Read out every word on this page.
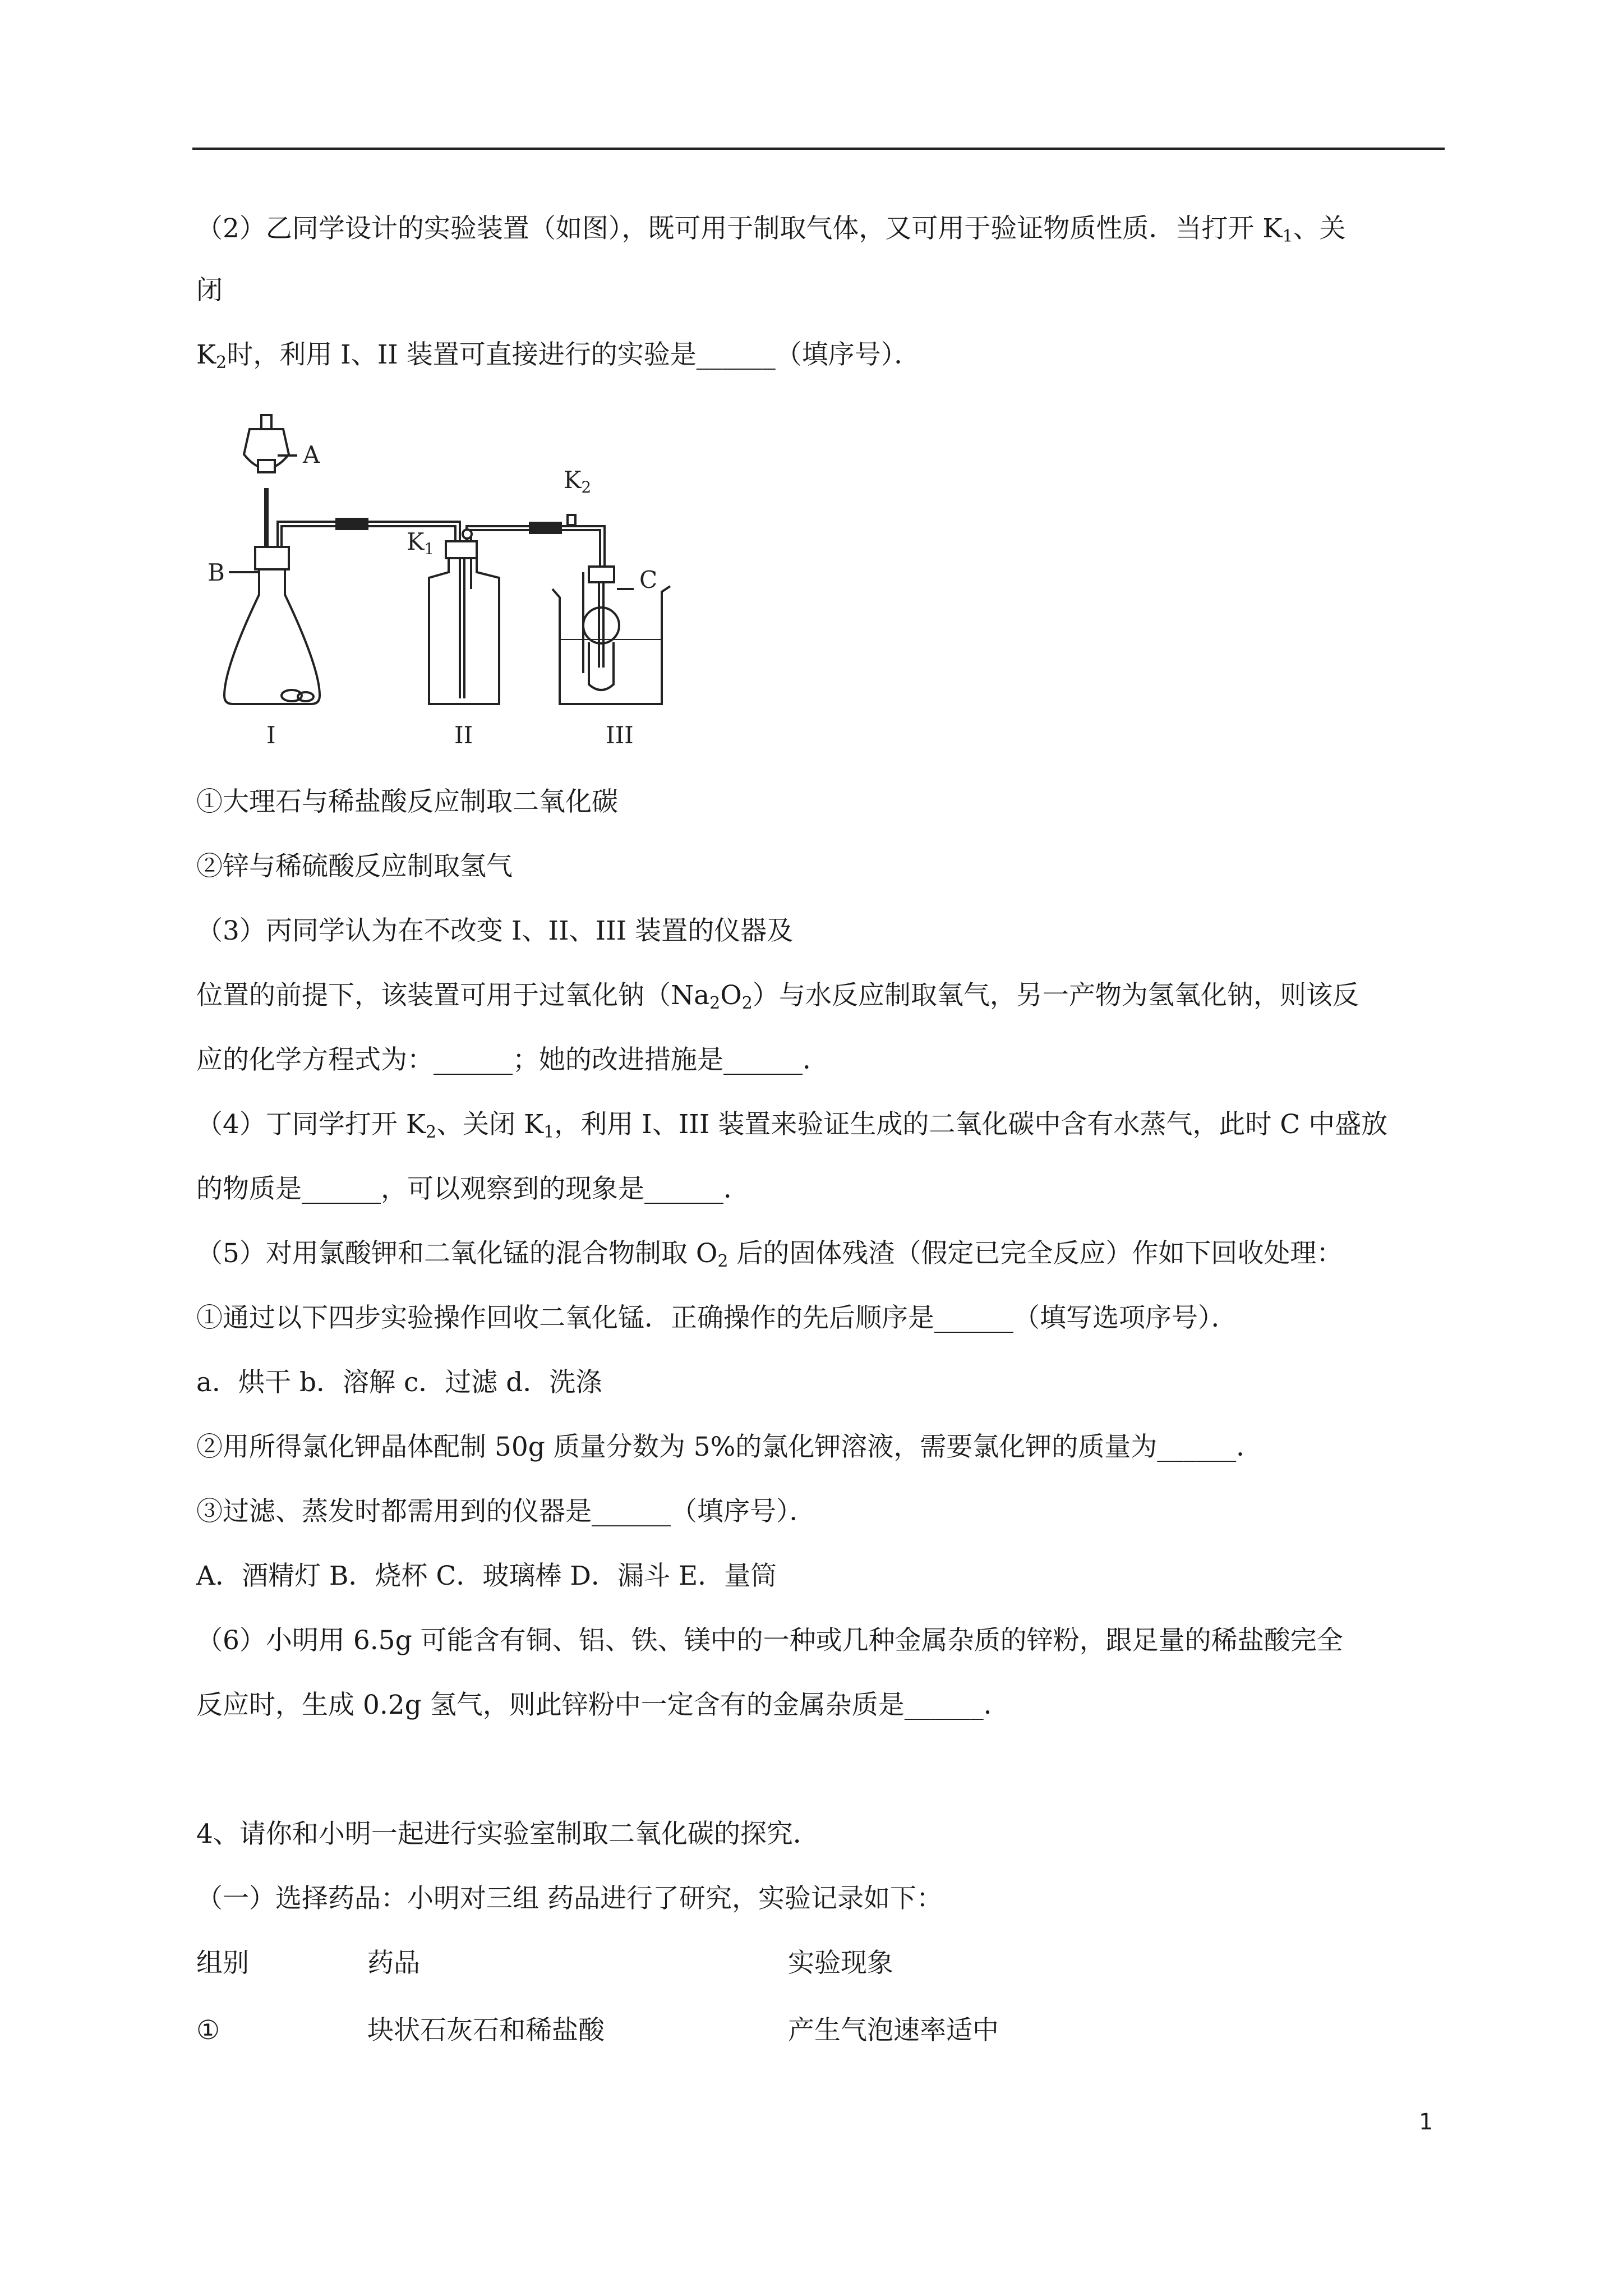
（2）乙同学设计的实验装置（如图），既可用于制取气体，又可用于验证物质性质．当打开 $K_1$、关
闭
$K_2$时，利用 I、II 装置可直接进行的实验是______（填序号）．
A
B	C
K1
K2
I	II	III
①大理石与稀盐酸反应制取二氧化碳
②锌与稀硫酸反应制取氢气
（3）丙同学认为在不改变 I、II、III 装置的仪器及
位置的前提下，该装置可用于过氧化钠$(Na_2O_2)$与水反应制取氧气，另一产物为氢氧化钠，则该反
应的化学方程式为：______；她的改进措施是______．
（4）丁同学打开 $K_2$、关闭 $K_1$，利用 I、III 装置来验证生成的二氧化碳中含有水蒸气，此时 C 中盛放
的物质是______，可以观察到的现象是______．
（5）对用氯酸钾和二氧化锰的混合物制取 $O_2$ 后的固体残渣（假定已完全反应）作如下回收处理：
①通过以下四步实验操作回收二氧化锰．正确操作的先后顺序是______（填写选项序号）．
a．烘干 b．溶解 c．过滤 d．洗涤
②用所得氯化钾晶体配制 50g 质量分数为 5%的氯化钾溶液，需要氯化钾的质量为______．
③过滤、蒸发时都需用到的仪器是______（填序号）．
A．酒精灯 B．烧杯 C．玻璃棒 D．漏斗 E．量筒
（6）小明用 6.5g 可能含有铜、铝、铁、镁中的一种或几种金属杂质的锌粉，跟足量的稀盐酸完全
反应时，生成 0.2g 氢气，则此锌粉中一定含有的金属杂质是______．
4、请你和小明一起进行实验室制取二氧化碳的探究．
（一）选择药品：小明对三组 药品进行了研究，实验记录如下：
组别	药品	实验现象
①	块状石灰石和稀盐酸	产生气泡速率适中
1
